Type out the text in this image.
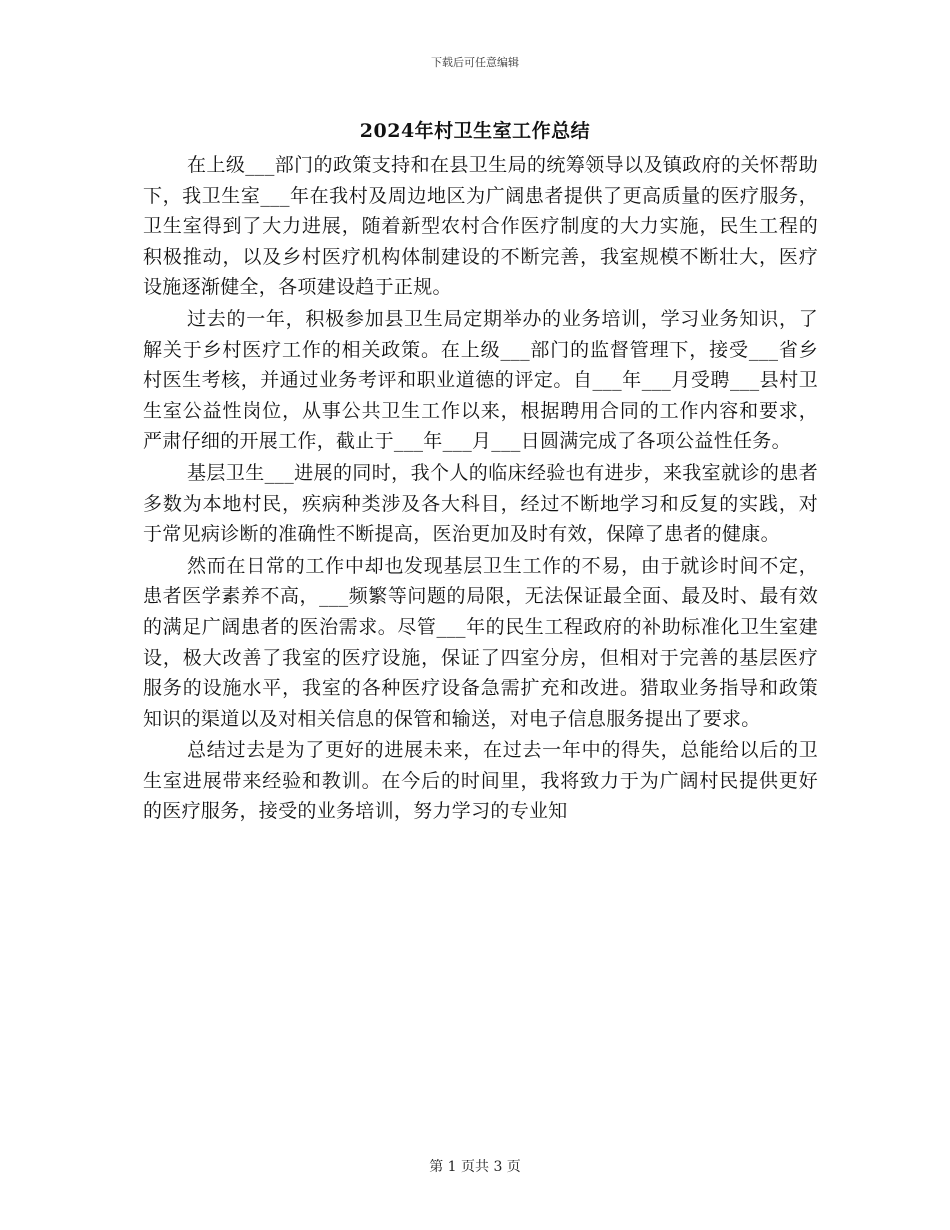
下载后可任意编辑
2024年村卫生室工作总结

在上级___部门的政策支持和在县卫生局的统筹领导以及镇政府的关怀帮助下，我卫生室___年在我村及周边地区为广阔患者提供了更高质量的医疗服务，卫生室得到了大力进展，随着新型农村合作医疗制度的大力实施，民生工程的积极推动，以及乡村医疗机构体制建设的不断完善，我室规模不断壮大，医疗设施逐渐健全，各项建设趋于正规。

过去的一年，积极参加县卫生局定期举办的业务培训，学习业务知识，了解关于乡村医疗工作的相关政策。在上级___部门的监督管理下，接受___省乡村医生考核，并通过业务考评和职业道德的评定。自___年___月受聘___县村卫生室公益性岗位，从事公共卫生工作以来，根据聘用合同的工作内容和要求，严肃仔细的开展工作，截止于___年___月___日圆满完成了各项公益性任务。

基层卫生___进展的同时，我个人的临床经验也有进步，来我室就诊的患者多数为本地村民，疾病种类涉及各大科目，经过不断地学习和反复的实践，对于常见病诊断的准确性不断提高，医治更加及时有效，保障了患者的健康。

然而在日常的工作中却也发现基层卫生工作的不易，由于就诊时间不定，患者医学素养不高，___频繁等问题的局限，无法保证最全面、最及时、最有效的满足广阔患者的医治需求。尽管___年的民生工程政府的补助标准化卫生室建设，极大改善了我室的医疗设施，保证了四室分房，但相对于完善的基层医疗服务的设施水平，我室的各种医疗设备急需扩充和改进。猎取业务指导和政策知识的渠道以及对相关信息的保管和输送，对电子信息服务提出了要求。

总结过去是为了更好的进展未来，在过去一年中的得失，总能给以后的卫生室进展带来经验和教训。在今后的时间里，我将致力于为广阔村民提供更好的医疗服务，接受的业务培训，努力学习的专业知

第 1 页共 3 页
